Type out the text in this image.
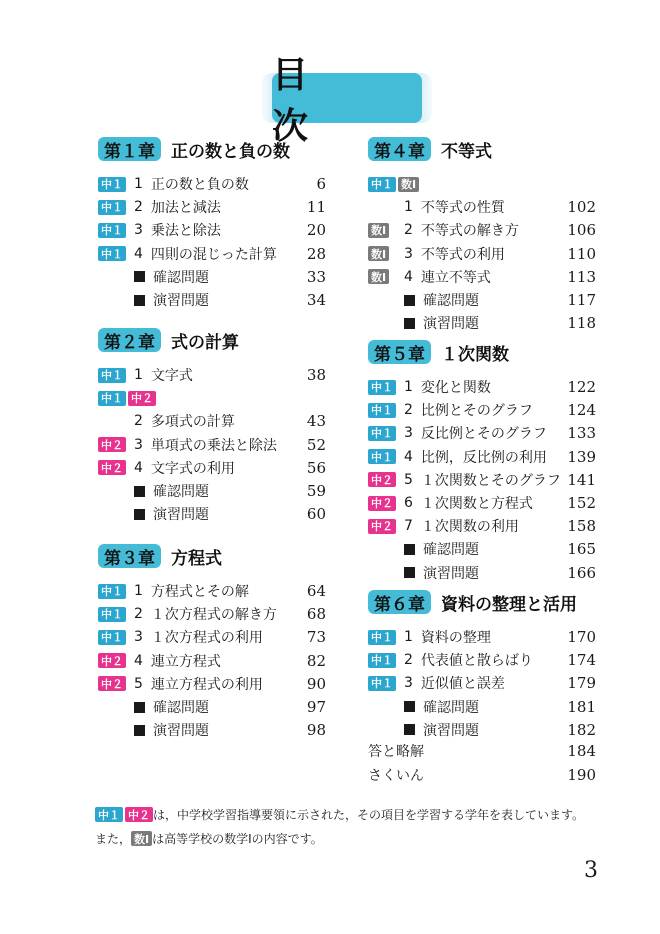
目　次
第１章 正の数と負の数
中１ 1 正の数と負の数	6
中１ 2 加法と減法	11
中１ 3 乗法と除法	20
中１ 4 四則の混じった計算	28
確認問題	33
演習問題	34
第２章 式の計算
中１ 1 文字式	38
中１ 中２
2 多項式の計算	43
中２ 3 単項式の乗法と除法	52
中２ 4 文字式の利用	56
確認問題	59
演習問題	60
第３章 方程式
中１ 1 方程式とその解	64
中１ 2 １次方程式の解き方	68
中１ 3 １次方程式の利用	73
中２ 4 連立方程式	82
中２ 5 連立方程式の利用	90
確認問題	97
演習問題	98
第４章 不等式
中１ 数Ⅰ
1 不等式の性質	102
数Ⅰ 2 不等式の解き方	106
数Ⅰ 3 不等式の利用	110
数Ⅰ 4 連立不等式	113
確認問題	117
演習問題	118
第５章 １次関数
中１ 1 変化と関数	122
中１ 2 比例とそのグラフ	124
中１ 3 反比例とそのグラフ	133
中１ 4 比例，反比例の利用	139
中２ 5 １次関数とそのグラフ 141
中２ 6 １次関数と方程式	152
中２ 7 １次関数の利用	158
確認問題	165
演習問題	166
第６章 資料の整理と活用
中１ 1 資料の整理	170
中１ 2 代表値と散らばり	174
中１ 3 近似値と誤差	179
確認問題	181
演習問題	182
答と略解	184
さくいん	190
中１ 中２ は，中学校学習指導要領に示された，その項目を学習する学年を表しています。
また， 数Ⅰ は高等学校の数学Ⅰの内容です。
3
